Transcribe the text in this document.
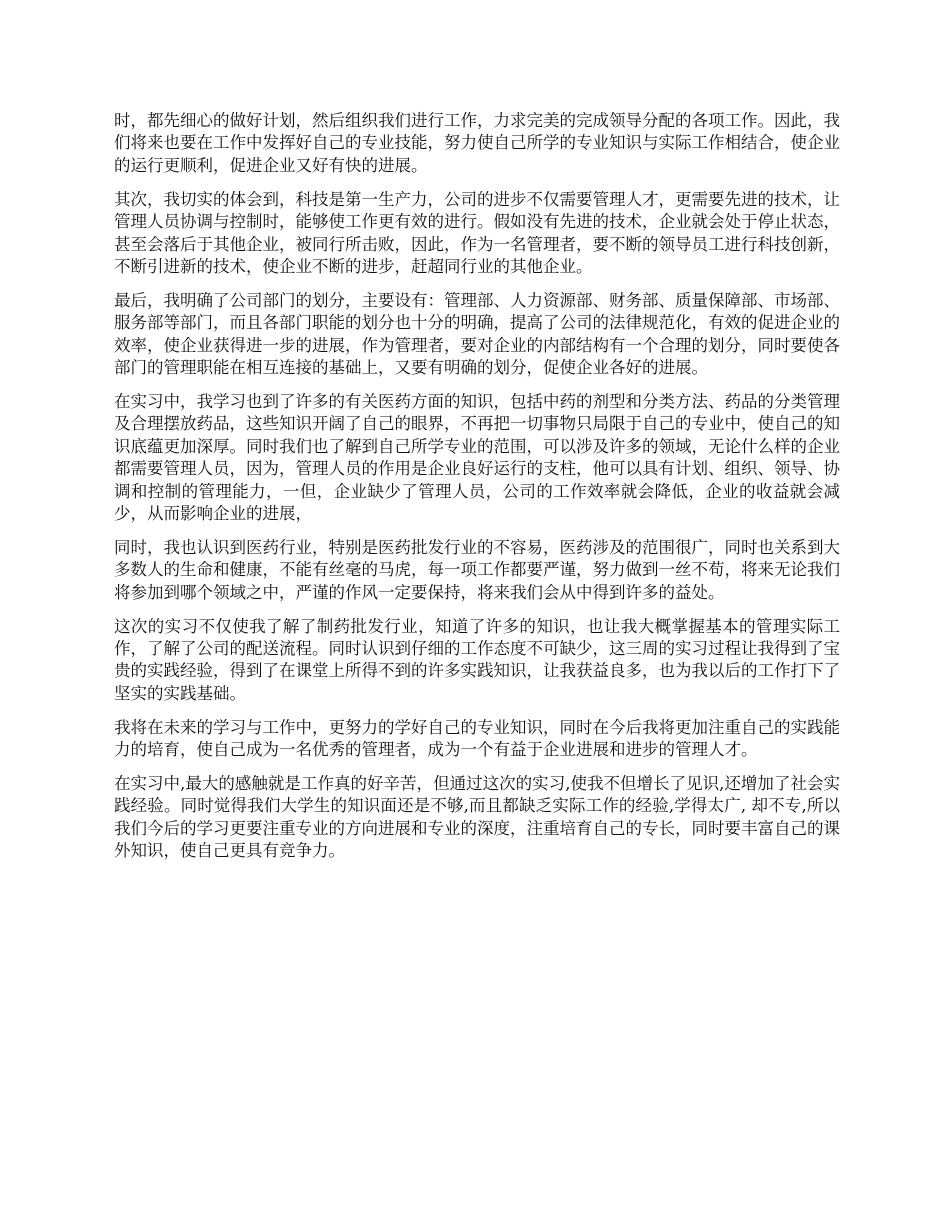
时，都先细心的做好计划，然后组织我们进行工作，力求完美的完成领导分配的各项工作。因此，我们将来也要在工作中发挥好自己的专业技能，努力使自己所学的专业知识与实际工作相结合，使企业的运行更顺利，促进企业又好有快的进展。

其次，我切实的体会到，科技是第一生产力，公司的进步不仅需要管理人才，更需要先进的技术，让管理人员协调与控制时，能够使工作更有效的进行。假如没有先进的技术，企业就会处于停止状态，甚至会落后于其他企业，被同行所击败，因此，作为一名管理者，要不断的领导员工进行科技创新，不断引进新的技术，使企业不断的进步，赶超同行业的其他企业。

最后，我明确了公司部门的划分，主要设有：管理部、人力资源部、财务部、质量保障部、市场部、服务部等部门，而且各部门职能的划分也十分的明确，提高了公司的法律规范化，有效的促进企业的效率，使企业获得进一步的进展，作为管理者，要对企业的内部结构有一个合理的划分，同时要使各部门的管理职能在相互连接的基础上，又要有明确的划分，促使企业各好的进展。

在实习中，我学习也到了许多的有关医药方面的知识，包括中药的剂型和分类方法、药品的分类管理及合理摆放药品，这些知识开阔了自己的眼界，不再把一切事物只局限于自己的专业中，使自己的知识底蕴更加深厚。同时我们也了解到自己所学专业的范围，可以涉及许多的领域，无论什么样的企业都需要管理人员，因为，管理人员的作用是企业良好运行的支柱，他可以具有计划、组织、领导、协调和控制的管理能力，一但，企业缺少了管理人员，公司的工作效率就会降低，企业的收益就会减少，从而影响企业的进展，

同时，我也认识到医药行业，特别是医药批发行业的不容易，医药涉及的范围很广，同时也关系到大多数人的生命和健康，不能有丝毫的马虎，每一项工作都要严谨，努力做到一丝不苟，将来无论我们将参加到哪个领域之中，严谨的作风一定要保持，将来我们会从中得到许多的益处。

这次的实习不仅使我了解了制药批发行业，知道了许多的知识，也让我大概掌握基本的管理实际工作，了解了公司的配送流程。同时认识到仔细的工作态度不可缺少，这三周的实习过程让我得到了宝贵的实践经验，得到了在课堂上所得不到的许多实践知识，让我获益良多，也为我以后的工作打下了坚实的实践基础。

我将在未来的学习与工作中，更努力的学好自己的专业知识，同时在今后我将更加注重自己的实践能力的培育，使自己成为一名优秀的管理者，成为一个有益于企业进展和进步的管理人才。

在实习中,最大的感触就是工作真的好辛苦，但通过这次的实习,使我不但增长了见识,还增加了社会实践经验。同时觉得我们大学生的知识面还是不够,而且都缺乏实际工作的经验,学得太广, 却不专,所以我们今后的学习更要注重专业的方向进展和专业的深度，注重培育自己的专长，同时要丰富自己的课外知识，使自己更具有竞争力。
